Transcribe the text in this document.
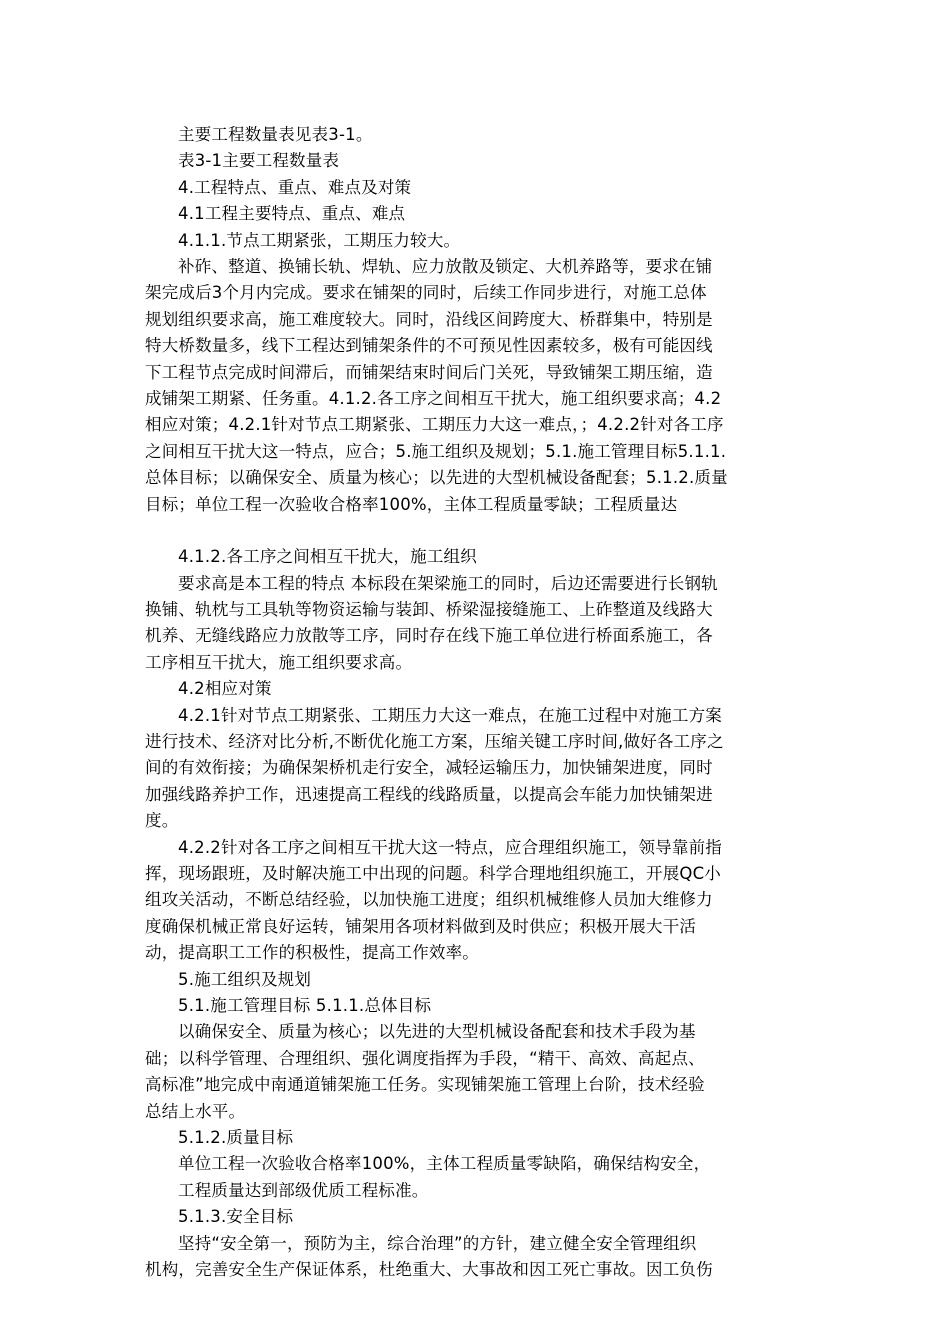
主要工程数量表见表3-1。
表3-1主要工程数量表
4.工程特点、重点、难点及对策
4.1工程主要特点、重点、难点
4.1.1.节点工期紧张，工期压力较大。
补砟、整道、换铺长轨、焊轨、应力放散及锁定、大机养路等，要求在铺
架完成后3个月内完成。要求在铺架的同时，后续工作同步进行，对施工总体
规划组织要求高，施工难度较大。同时，沿线区间跨度大、桥群集中，特别是
特大桥数量多，线下工程达到铺架条件的不可预见性因素较多，极有可能因线
下工程节点完成时间滞后，而铺架结束时间后门关死，导致铺架工期压缩，造
成铺架工期紧、任务重。4.1.2.各工序之间相互干扰大，施工组织要求高；4.2
相应对策；4.2.1针对节点工期紧张、工期压力大这一难点，；4.2.2针对各工序
之间相互干扰大这一特点，应合；5.施工组织及规划；5.1.施工管理目标5.1.1.
总体目标；以确保安全、质量为核心；以先进的大型机械设备配套；5.1.2.质量
目标；单位工程一次验收合格率100%，主体工程质量零缺；工程质量达
4.1.2.各工序之间相互干扰大，施工组织
要求高是本工程的特点 本标段在架梁施工的同时，后边还需要进行长钢轨
换铺、轨枕与工具轨等物资运输与装卸、桥梁湿接缝施工、上砟整道及线路大
机养、无缝线路应力放散等工序，同时存在线下施工单位进行桥面系施工，各
工序相互干扰大，施工组织要求高。
4.2相应对策
4.2.1针对节点工期紧张、工期压力大这一难点，在施工过程中对施工方案
进行技术、经济对比分析,不断优化施工方案，压缩关键工序时间,做好各工序之
间的有效衔接；为确保架桥机走行安全，减轻运输压力，加快铺架进度，同时
加强线路养护工作，迅速提高工程线的线路质量，以提高会车能力加快铺架进
度。
4.2.2针对各工序之间相互干扰大这一特点，应合理组织施工，领导靠前指
挥，现场跟班，及时解决施工中出现的问题。科学合理地组织施工，开展QC小
组攻关活动，不断总结经验，以加快施工进度；组织机械维修人员加大维修力
度确保机械正常良好运转，铺架用各项材料做到及时供应；积极开展大干活
动，提高职工工作的积极性，提高工作效率。
5.施工组织及规划
5.1.施工管理目标 5.1.1.总体目标
以确保安全、质量为核心；以先进的大型机械设备配套和技术手段为基
础；以科学管理、合理组织、强化调度指挥为手段，“精干、高效、高起点、
高标准”地完成中南通道铺架施工任务。实现铺架施工管理上台阶，技术经验
总结上水平。
5.1.2.质量目标
单位工程一次验收合格率100%，主体工程质量零缺陷，确保结构安全，
工程质量达到部级优质工程标准。
5.1.3.安全目标
坚持“安全第一，预防为主，综合治理”的方针，建立健全安全管理组织
机构，完善安全生产保证体系，杜绝重大、大事故和因工死亡事故。因工负伤
